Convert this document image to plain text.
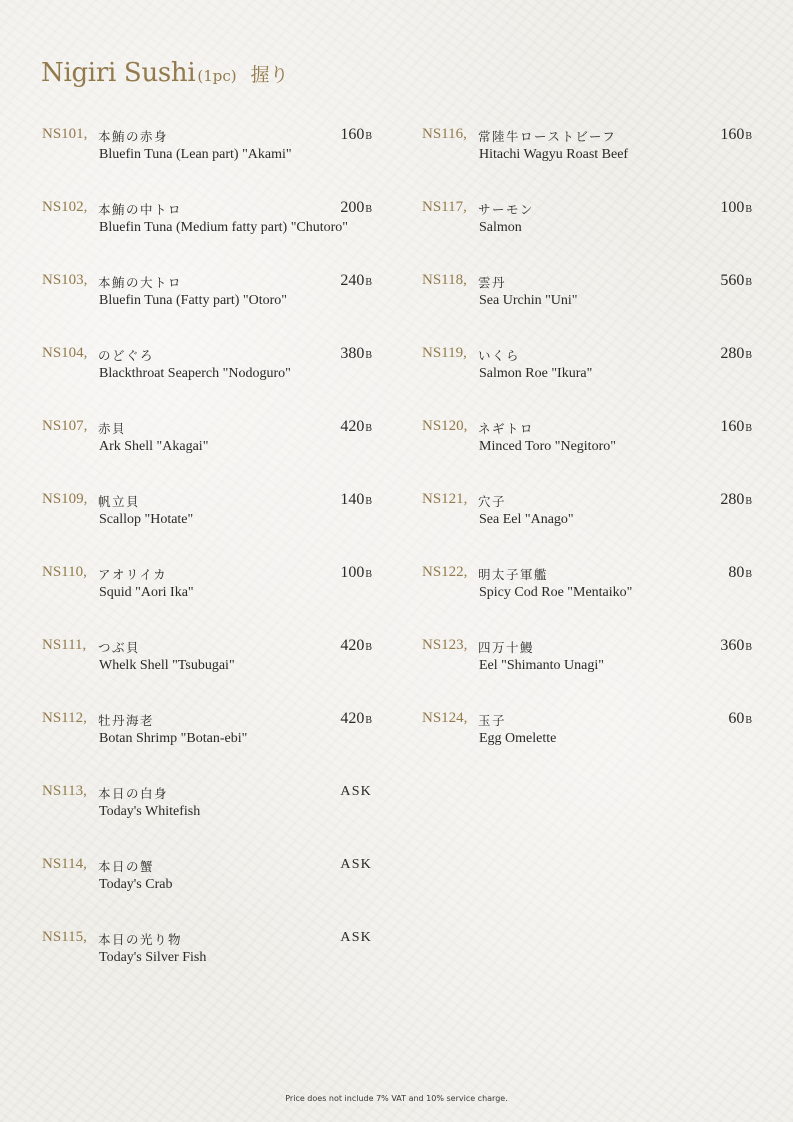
Nigiri Sushi (1pc) 握り
NS101, 本鮪の赤身	160B
Bluefin Tuna (Lean part) "Akami"
NS102, 本鮪の中トロ	200B
Bluefin Tuna (Medium fatty part) "Chutoro"
NS103, 本鮪の大トロ	240B
Bluefin Tuna (Fatty part) "Otoro"
NS104, のどぐろ	380B
Blackthroat Seaperch "Nodoguro"
NS107, 赤貝	420B
Ark Shell "Akagai"
NS109, 帆立貝	140B
Scallop "Hotate"
NS110, アオリイカ	100B
Squid "Aori Ika"
NS111, つぶ貝	420B
Whelk Shell "Tsubugai"
NS112, 牡丹海老	420B
Botan Shrimp "Botan-ebi"
NS113, 本日の白身	ASK
Today's Whitefish
NS114, 本日の蟹	ASK
Today's Crab
NS115, 本日の光り物	ASK
Today's Silver Fish
NS116, 常陸牛ローストビーフ	160B
Hitachi Wagyu Roast Beef
NS117, サーモン	100B
Salmon
NS118, 雲丹	560B
Sea Urchin "Uni"
NS119, いくら	280B
Salmon Roe "Ikura"
NS120, ネギトロ	160B
Minced Toro "Negitoro"
NS121, 穴子	280B
Sea Eel "Anago"
NS122, 明太子軍艦	80B
Spicy Cod Roe "Mentaiko"
NS123, 四万十鰻	360B
Eel "Shimanto Unagi"
NS124, 玉子	60B
Egg Omelette

Price does not include 7% VAT and 10% service charge.
